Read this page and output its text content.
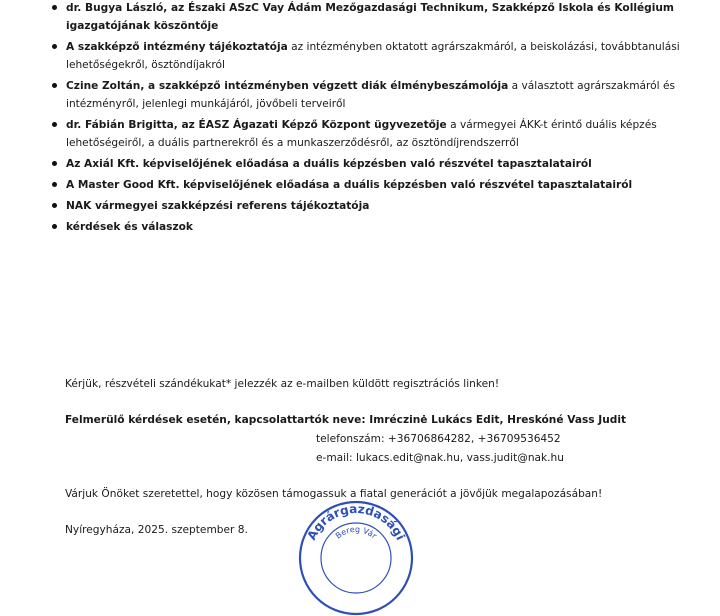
dr. Bugya László, az Északi ASzC Vay Ádám Mezőgazdasági Technikum, Szakképző Iskola és Kollégium igazgatójának köszöntője
A szakképző intézmény tájékoztatója az intézményben oktatott agrárszakmáról, a beiskolázási, továbbtanulási lehetőségekről, ösztöndíjakról
Czine Zoltán, a szakképző intézményben végzett diák élménybeszámolója a választott agrárszakmáról és intézményről, jelenlegi munkájáról, jövőbeli terveiről
dr. Fábián Brigitta, az ÉASZ Ágazati Képző Központ ügyvezetője a vármegyei ÁKK-t érintő duális képzés lehetőségeiről, a duális partnerekről és a munkaszerződésről, az ösztöndíjrendszerről
Az Axiál Kft. képviselőjének előadása a duális képzésben való részvétel tapasztalatairól
A Master Good Kft. képviselőjének előadása a duális képzésben való részvétel tapasztalatairól
NAK vármegyei szakképzési referens tájékoztatója
kérdések és válaszok

Kérjük, részvételi szándékukat* jelezzék az e-mailben küldött regisztrációs linken!

Felmerülő kérdések esetén, kapcsolattartók neve: Imréczinė Lukács Edit, Hreskóné Vass Judit

telefonszám: +36706864282, +36709536452

e-mail: lukacs.edit@nak.hu, vass.judit@nak.hu

Várjuk Önöket szeretettel, hogy közösen támogassuk a fiatal generációt a jövőjük megalapozásában!

Nyíregyháza, 2025. szeptember 8.	Agrárgazdasági
Bereg Vár
